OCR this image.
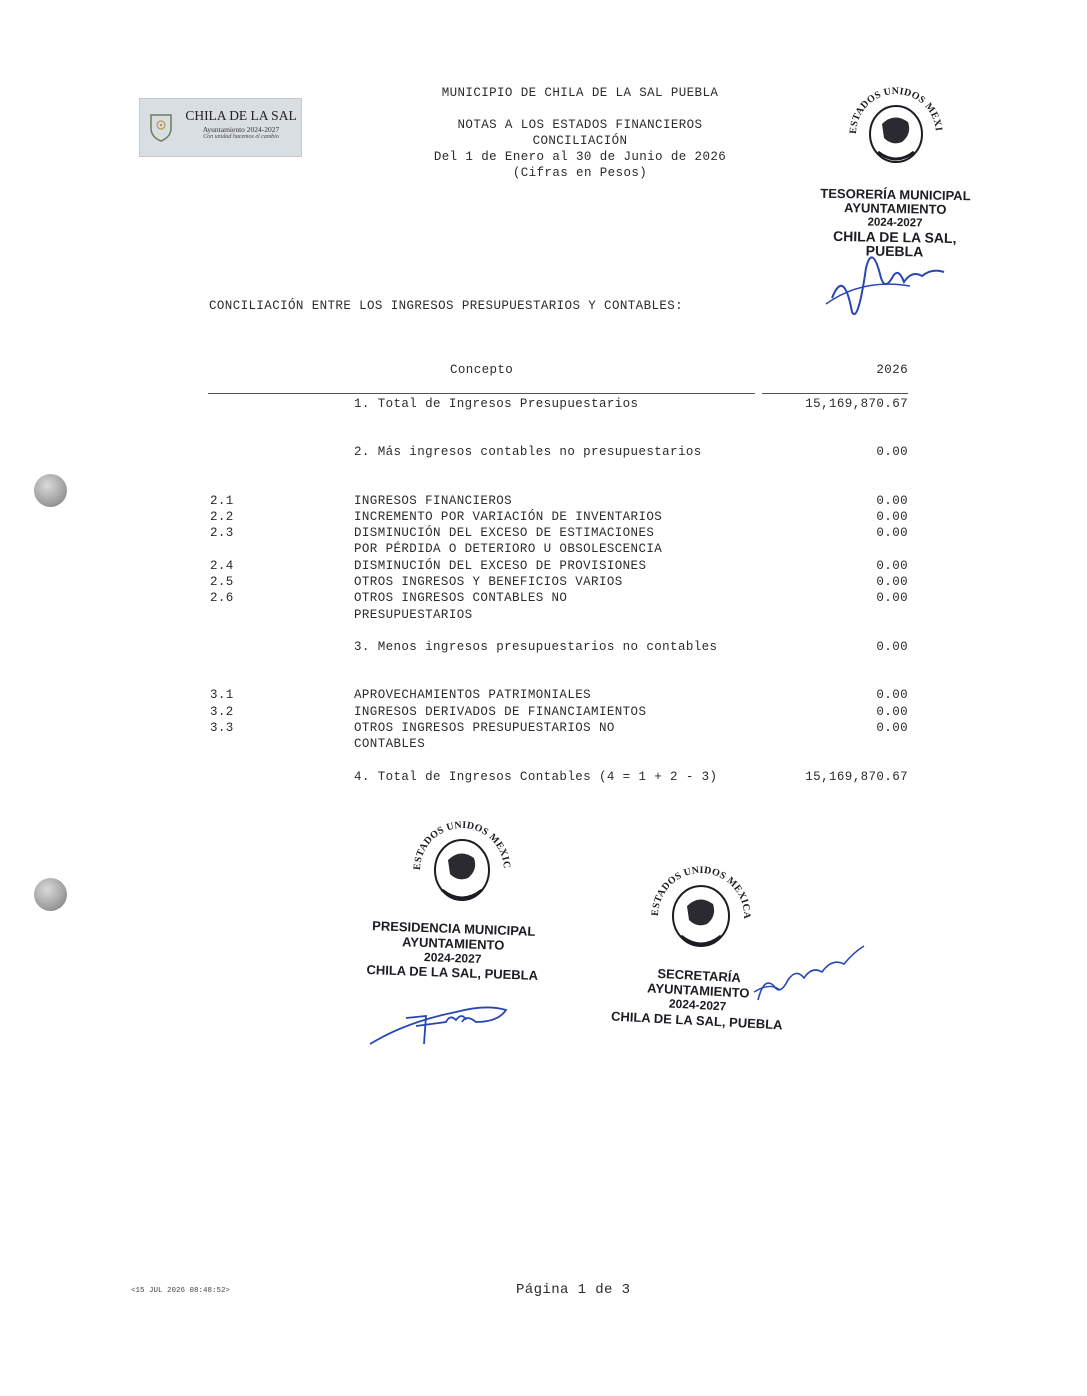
CHILA DE LA SAL
Ayuntamiento 2024-2027
Con unidad hacemos el cambio
MUNICIPIO DE CHILA DE LA SAL PUEBLA
NOTAS A LOS ESTADOS FINANCIEROS
CONCILIACIÓN
Del 1 de Enero al 30 de Junio de 2026
(Cifras en Pesos)
ESTADOS UNIDOS MEXI
TESORERÍA MUNICIPAL
AYUNTAMIENTO
2024-2027
CHILA DE LA SAL, PUEBLA
CONCILIACIÓN ENTRE LOS INGRESOS PRESUPUESTARIOS Y CONTABLES:
Concepto	2026
1. Total de Ingresos Presupuestarios	15,169,870.67
2. Más ingresos contables no presupuestarios	0.00
2.1	INGRESOS FINANCIEROS	0.00
2.2	INCREMENTO POR VARIACIÓN DE INVENTARIOS	0.00
2.3	DISMINUCIÓN DEL EXCESO DE ESTIMACIONES	0.00
POR PÉRDIDA O DETERIORO U OBSOLESCENCIA
2.4	DISMINUCIÓN DEL EXCESO DE PROVISIONES	0.00
2.5	OTROS INGRESOS Y BENEFICIOS VARIOS	0.00
2.6	OTROS INGRESOS CONTABLES NO	0.00
PRESUPUESTARIOS
3. Menos ingresos presupuestarios no contables	0.00
3.1	APROVECHAMIENTOS PATRIMONIALES	0.00
3.2	INGRESOS DERIVADOS DE FINANCIAMIENTOS	0.00
3.3	OTROS INGRESOS PRESUPUESTARIOS NO	0.00
CONTABLES
4. Total de Ingresos Contables (4 = 1 + 2 - 3)	15,169,870.67
ESTADOS UNIDOS MEXIC
PRESIDENCIA MUNICIPAL
AYUNTAMIENTO
2024-2027
CHILA DE LA SAL, PUEBLA
ESTADOS UNIDOS MEXICA
SECRETARÍA
AYUNTAMIENTO
2024-2027
CHILA DE LA SAL, PUEBLA
<15 JUL 2026 08:48:52>	Página 1 de 3
